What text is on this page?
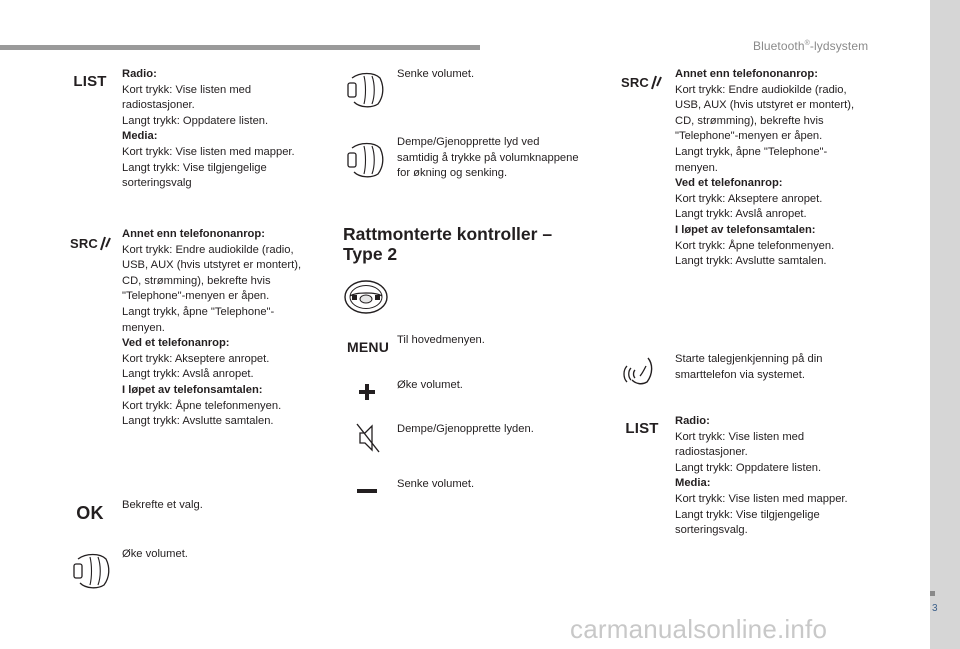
Bluetooth®-lydsystem
3
carmanualsonline.info
LIST Radio:
Kort trykk: Vise listen med
radiostasjoner.
Langt trykk: Oppdatere listen.
Media:
Kort trykk: Vise listen med mapper.
Langt trykk: Vise tilgjengelige
sorteringsvalg
SRC
Annet enn telefononanrop:
Kort trykk: Endre audiokilde (radio,
USB, AUX (hvis utstyret er montert),
CD, strømming), bekrefte hvis
"Telephone"-menyen er åpen.
Langt trykk, åpne "Telephone"-
menyen.
Ved et telefonanrop:
Kort trykk: Akseptere anropet.
Langt trykk: Avslå anropet.
I løpet av telefonsamtalen:
Kort trykk: Åpne telefonmenyen.
Langt trykk: Avslutte samtalen.
OK	Bekrefte et valg.
Øke volumet.
Senke volumet.
Dempe/Gjenopprette lyd ved
samtidig å trykke på volumknappene
for økning og senking.
Rattmonterte kontroller –
Type 2
MENU Til hovedmenyen.
Øke volumet.
Dempe/Gjenopprette lyden.
Senke volumet.
SRC
Annet enn telefononanrop:
Kort trykk: Endre audiokilde (radio,
USB, AUX (hvis utstyret er montert),
CD, strømming), bekrefte hvis
"Telephone"-menyen er åpen.
Langt trykk, åpne "Telephone"-
menyen.
Ved et telefonanrop:
Kort trykk: Akseptere anropet.
Langt trykk: Avslå anropet.
I løpet av telefonsamtalen:
Kort trykk: Åpne telefonmenyen.
Langt trykk: Avslutte samtalen.
Starte talegjenkjenning på din
smarttelefon via systemet.
LIST Radio:
Kort trykk: Vise listen med
radiostasjoner.
Langt trykk: Oppdatere listen.
Media:
Kort trykk: Vise listen med mapper.
Langt trykk: Vise tilgjengelige
sorteringsvalg.
